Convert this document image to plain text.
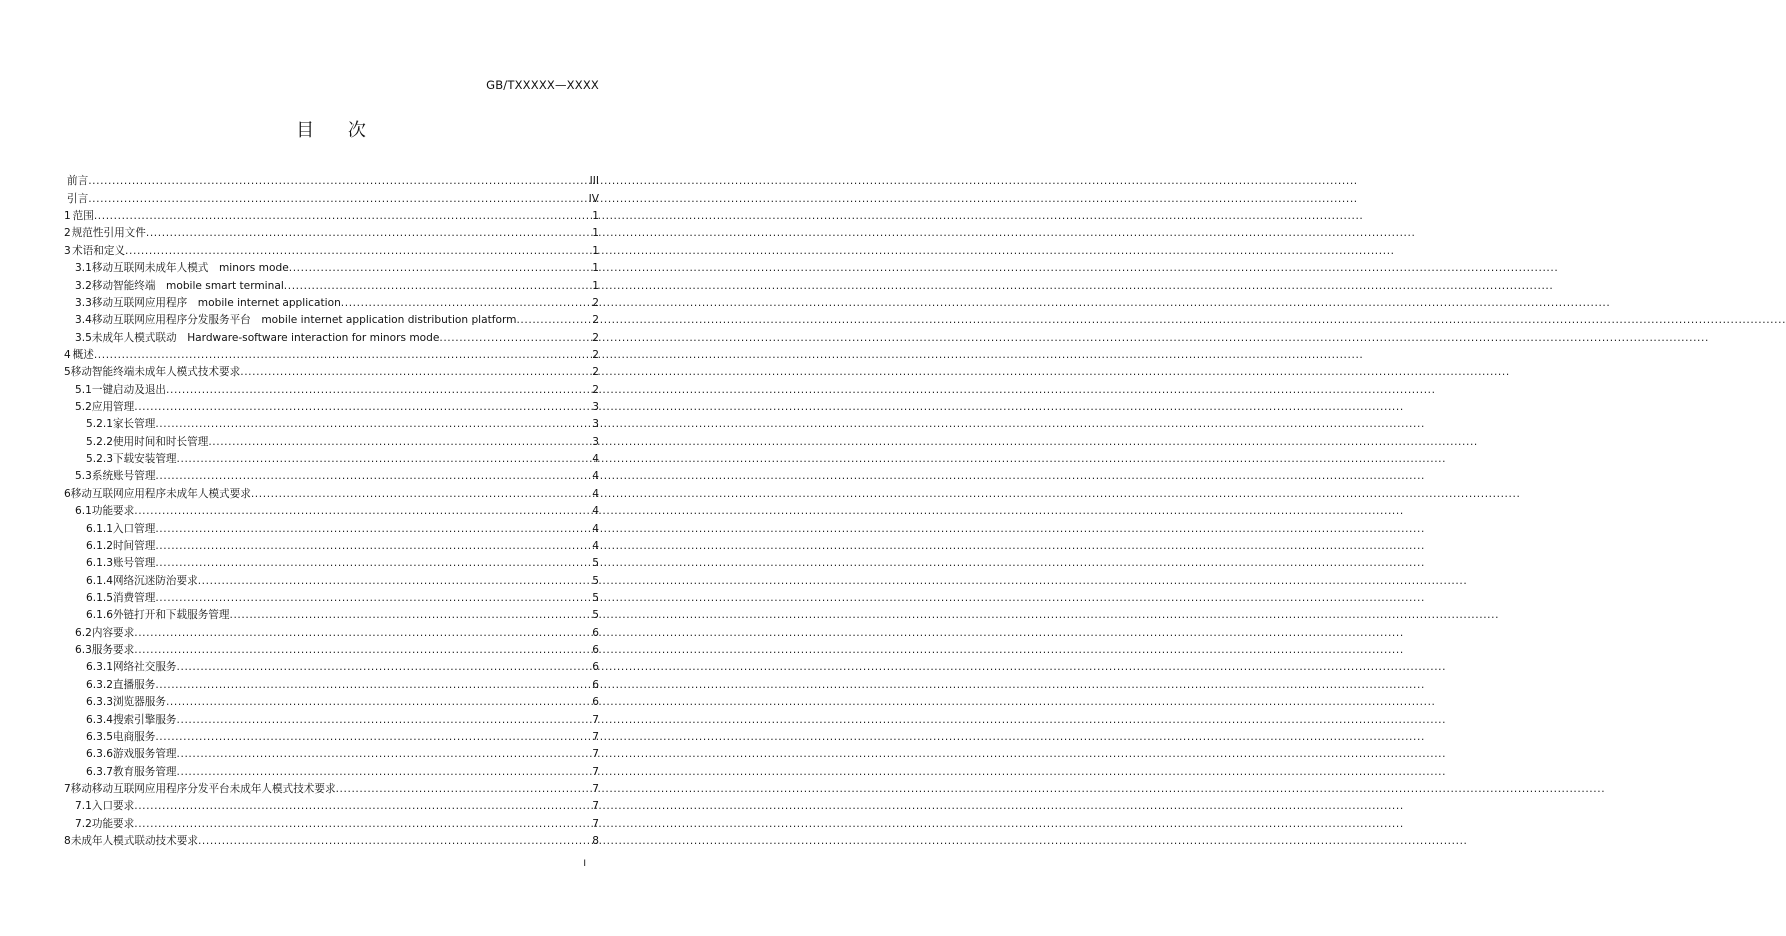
GB/TXXXXX—XXXX
目 次
前言 .....	III
引言 .....	IV
1 范围 .....	1
2 规范性引用文件 .....	1
3 术语和定义 .....	1
3.1 移动互联网未成年人模式　minors mode .....	1
3.2 移动智能终端　mobile smart terminal .....	1
3.3 移动互联网应用程序　mobile internet application .....	2
3.4 移动互联网应用程序分发服务平台　mobile internet application distribution platform .....	2
3.5 未成年人模式联动　Hardware-software interaction for minors mode .....	2
4 概述 .....	2
5 移动智能终端未成年人模式技术要求 .....	2
5.1 一键启动及退出 .....	2
5.2 应用管理 .....	3
5.2.1 家长管理 .....	3
5.2.2 使用时间和时长管理 .....	3
5.2.3 下载安装管理 .....	4
5.3 系统账号管理 .....	4
6 移动互联网应用程序未成年人模式要求 .....	4
6.1 功能要求 .....	4
6.1.1 入口管理 .....	4
6.1.2 时间管理 .....	4
6.1.3 账号管理 .....	5
6.1.4 网络沉迷防治要求 .....	5
6.1.5 消费管理 .....	5
6.1.6 外链打开和下载服务管理 .....	5
6.2 内容要求 .....	6
6.3 服务要求 .....	6
6.3.1 网络社交服务 .....	6
6.3.2 直播服务 .....	6
6.3.3 浏览器服务 .....	6
6.3.4 搜索引擎服务 .....	7
6.3.5 电商服务 .....	7
6.3.6 游戏服务管理 .....	7
6.3.7 教育服务管理 .....	7
7 移动移动互联网应用程序分发平台未成年人模式技术要求 .....	7
7.1 入口要求 .....	7
7.2 功能要求 .....	7
8 未成年人模式联动技术要求 .....	8
I
